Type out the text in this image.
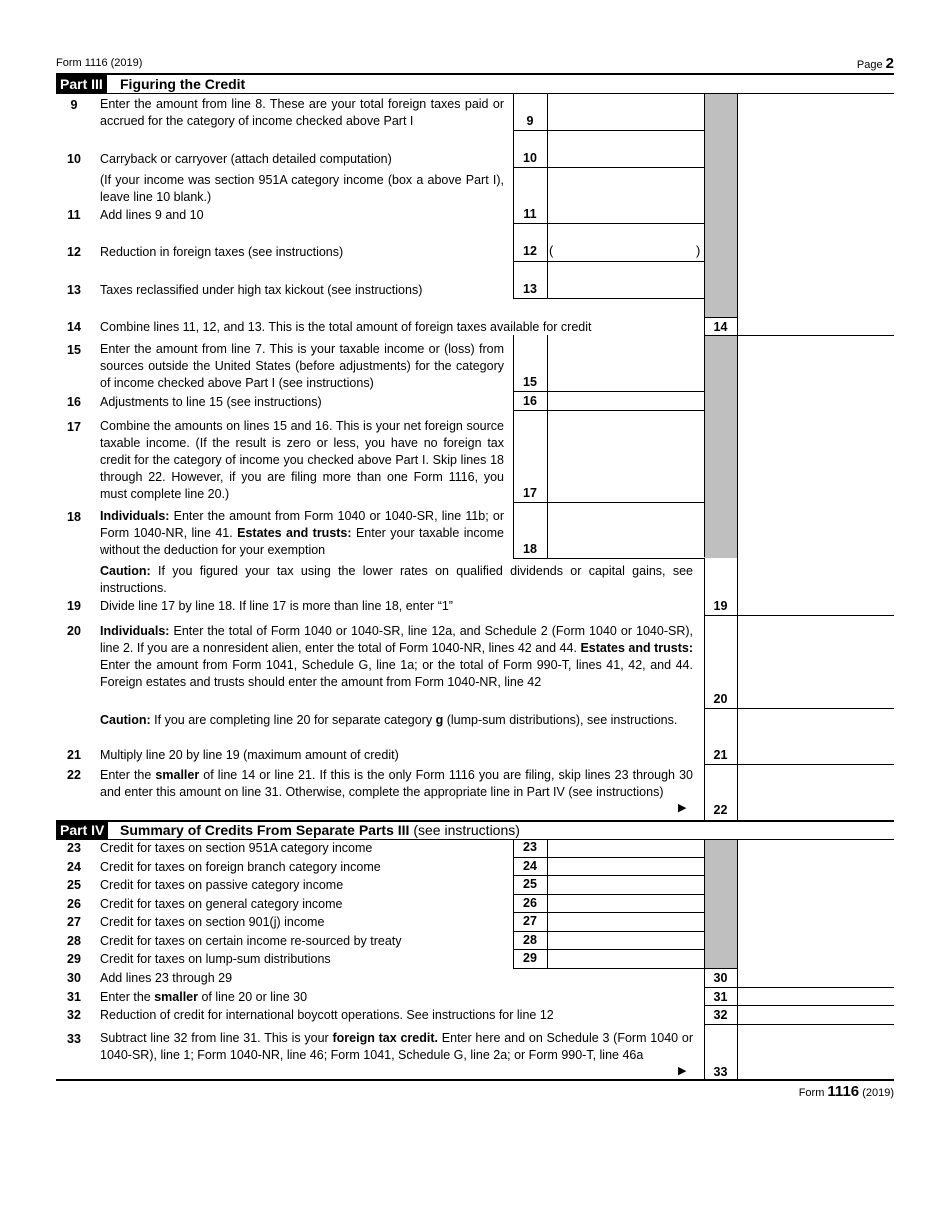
Form 1116 (2019)	Page 2
Part III Figuring the Credit
9	Enter the amount from line 8. These are your total foreign taxes paid or accrued for the category of income checked above Part I	9
10	Carryback or carryover (attach detailed computation)	10
(If your income was section 951A category income (box a above Part I), leave line 10 blank.)
11	Add lines 9 and 10	11
12	Reduction in foreign taxes (see instructions)	12 (	)
13	Taxes reclassified under high tax kickout (see instructions)	13
14	Combine lines 11, 12, and 13. This is the total amount of foreign taxes available for credit	14
15	Enter the amount from line 7. This is your taxable income or (loss) from sources outside the United States (before adjustments) for the category of income checked above Part I (see instructions)	15
16	Adjustments to line 15 (see instructions)	16
17	Combine the amounts on lines 15 and 16. This is your net foreign source taxable income. (If the result is zero or less, you have no foreign tax credit for the category of income you checked above Part I. Skip lines 18 through 22. However, if you are filing more than one Form 1116, you must complete line 20.)	17
18	Individuals: Enter the amount from Form 1040 or 1040-SR, line 11b; or Form 1040-NR, line 41. Estates and trusts: Enter your taxable income without the deduction for your exemption	18
Caution: If you figured your tax using the lower rates on qualified dividends or capital gains, see instructions.
19	Divide line 17 by line 18. If line 17 is more than line 18, enter “1”	19
20	Individuals: Enter the total of Form 1040 or 1040-SR, line 12a, and Schedule 2 (Form 1040 or 1040-SR), line 2. If you are a nonresident alien, enter the total of Form 1040-NR, lines 42 and 44. Estates and trusts: Enter the amount from Form 1041, Schedule G, line 1a; or the total of Form 990-T, lines 41, 42, and 44. Foreign estates and trusts should enter the amount from Form 1040-NR, line 42
20
Caution: If you are completing line 20 for separate category g (lump-sum distributions), see instructions.
21	Multiply line 20 by line 19 (maximum amount of credit)	21
22	Enter the smaller of line 14 or line 21. If this is the only Form 1116 you are filing, skip lines 23 through 30 and enter this amount on line 31. Otherwise, complete the appropriate line in Part IV (see instructions)
▶	22
Part IV Summary of Credits From Separate Parts III (see instructions)
23	Credit for taxes on section 951A category income	23
24	Credit for taxes on foreign branch category income	24
25	Credit for taxes on passive category income	25
26	Credit for taxes on general category income	26
27	Credit for taxes on section 901(j) income	27
28	Credit for taxes on certain income re-sourced by treaty	28
29	Credit for taxes on lump-sum distributions	29
30	Add lines 23 through 29	30
31	Enter the smaller of line 20 or line 30	31
32	Reduction of credit for international boycott operations. See instructions for line 12	32
33	Subtract line 32 from line 31. This is your foreign tax credit. Enter here and on Schedule 3 (Form 1040 or 1040-SR), line 1; Form 1040-NR, line 46; Form 1041, Schedule G, line 2a; or Form 990-T, line 46a
▶	33
Form 1116 (2019)
